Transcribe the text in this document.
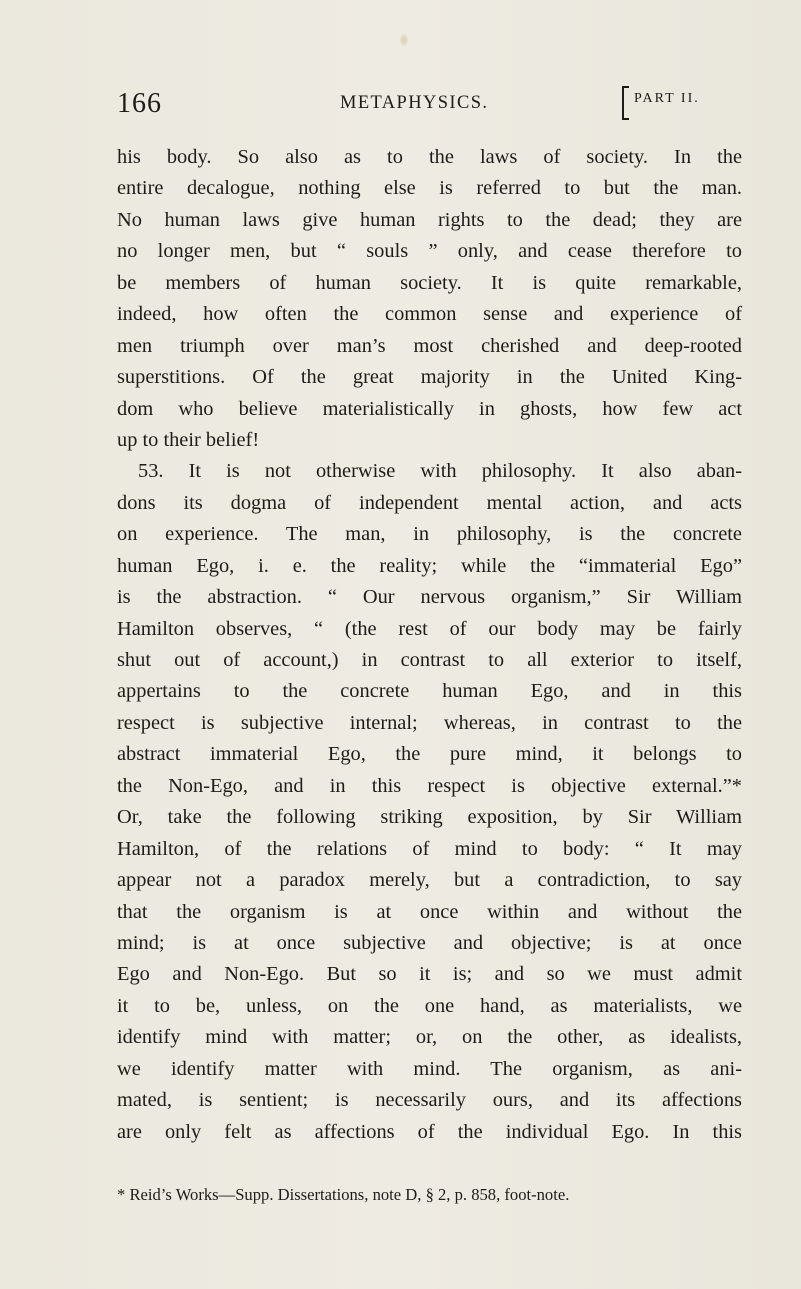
166	METAPHYSICS.	PART II.
his body. So also as to the laws of society. In the
entire decalogue, nothing else is referred to but the man.
No human laws give human rights to the dead; they are
no longer men, but “ souls ” only, and cease therefore to
be members of human society. It is quite remarkable,
indeed, how often the common sense and experience of
men triumph over man’s most cherished and deep-rooted
superstitions. Of the great majority in the United King-
dom who believe materialistically in ghosts, how few act
up to their belief!
53. It is not otherwise with philosophy. It also aban-
dons its dogma of independent mental action, and acts
on experience. The man, in philosophy, is the concrete
human Ego, i. e. the reality; while the “immaterial Ego”
is the abstraction. “ Our nervous organism,” Sir William
Hamilton observes, “ (the rest of our body may be fairly
shut out of account,) in contrast to all exterior to itself,
appertains to the concrete human Ego, and in this
respect is subjective internal; whereas, in contrast to the
abstract immaterial Ego, the pure mind, it belongs to
the Non-Ego, and in this respect is objective external.”*
Or, take the following striking exposition, by Sir William
Hamilton, of the relations of mind to body: “ It may
appear not a paradox merely, but a contradiction, to say
that the organism is at once within and without the
mind; is at once subjective and objective; is at once
Ego and Non-Ego. But so it is; and so we must admit
it to be, unless, on the one hand, as materialists, we
identify mind with matter; or, on the other, as idealists,
we identify matter with mind. The organism, as ani-
mated, is sentient; is necessarily ours, and its affections
are only felt as affections of the individual Ego. In this
* Reid’s Works—Supp. Dissertations, note D, § 2, p. 858, foot-note.
